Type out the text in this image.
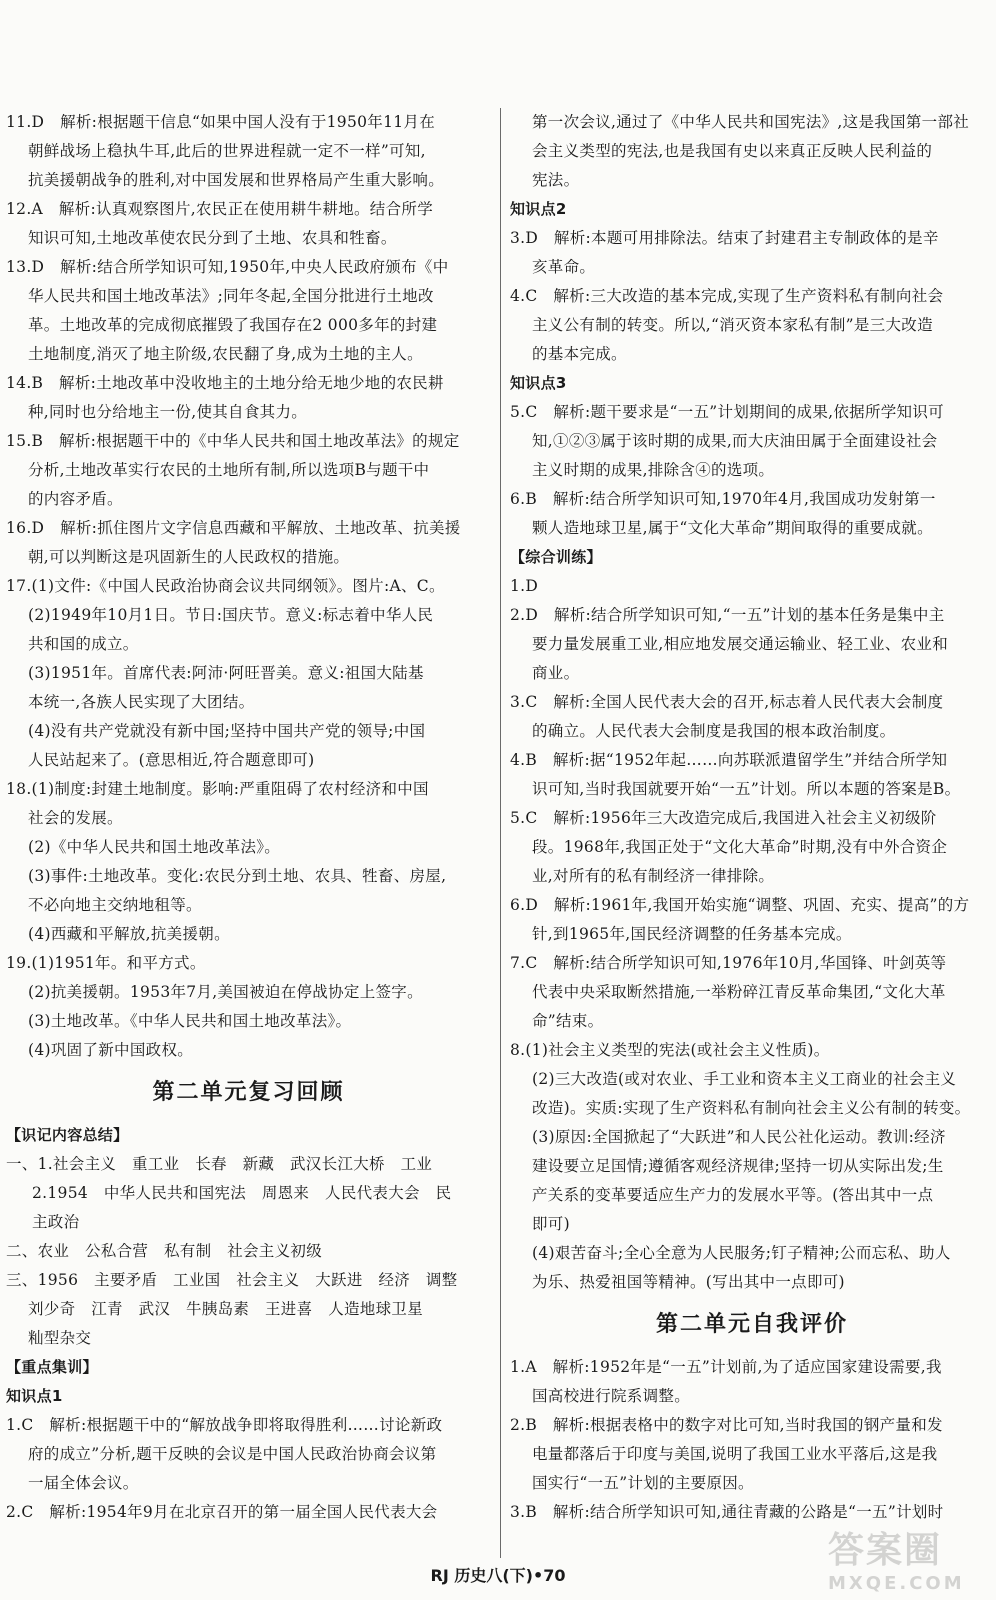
11.D　解析:根据题干信息“如果中国人没有于1950年11月在
朝鲜战场上稳执牛耳,此后的世界进程就一定不一样”可知,
抗美援朝战争的胜利,对中国发展和世界格局产生重大影响。
12.A　解析:认真观察图片,农民正在使用耕牛耕地。结合所学
知识可知,土地改革使农民分到了土地、农具和牲畜。
13.D　解析:结合所学知识可知,1950年,中央人民政府颁布《中
华人民共和国土地改革法》;同年冬起,全国分批进行土地改
革。土地改革的完成彻底摧毁了我国存在2 000多年的封建
土地制度,消灭了地主阶级,农民翻了身,成为土地的主人。
14.B　解析:土地改革中没收地主的土地分给无地少地的农民耕
种,同时也分给地主一份,使其自食其力。
15.B　解析:根据题干中的《中华人民共和国土地改革法》的规定
分析,土地改革实行农民的土地所有制,所以选项B与题干中
的内容矛盾。
16.D　解析:抓住图片文字信息西藏和平解放、土地改革、抗美援
朝,可以判断这是巩固新生的人民政权的措施。
17.(1)文件:《中国人民政治协商会议共同纲领》。图片:A、C。
(2)1949年10月1日。节日:国庆节。意义:标志着中华人民
共和国的成立。
(3)1951年。首席代表:阿沛·阿旺晋美。意义:祖国大陆基
本统一,各族人民实现了大团结。
(4)没有共产党就没有新中国;坚持中国共产党的领导;中国
人民站起来了。(意思相近,符合题意即可)
18.(1)制度:封建土地制度。影响:严重阻碍了农村经济和中国
社会的发展。
(2)《中华人民共和国土地改革法》。
(3)事件:土地改革。变化:农民分到土地、农具、牲畜、房屋,
不必向地主交纳地租等。
(4)西藏和平解放,抗美援朝。
19.(1)1951年。和平方式。
(2)抗美援朝。1953年7月,美国被迫在停战协定上签字。
(3)土地改革。《中华人民共和国土地改革法》。
(4)巩固了新中国政权。
第二单元复习回顾
【识记内容总结】
一、1.社会主义　重工业　长春　新藏　武汉长江大桥　工业
2.1954　中华人民共和国宪法　周恩来　人民代表大会　民
主政治
二、农业　公私合营　私有制　社会主义初级
三、1956　主要矛盾　工业国　社会主义　大跃进　经济　调整
刘少奇　江青　武汉　牛胰岛素　王进喜　人造地球卫星
籼型杂交
【重点集训】
知识点1
1.C　解析:根据题干中的“解放战争即将取得胜利……讨论新政
府的成立”分析,题干反映的会议是中国人民政治协商会议第
一届全体会议。
2.C　解析:1954年9月在北京召开的第一届全国人民代表大会
第一次会议,通过了《中华人民共和国宪法》,这是我国第一部社
会主义类型的宪法,也是我国有史以来真正反映人民利益的
宪法。
知识点2
3.D　解析:本题可用排除法。结束了封建君主专制政体的是辛
亥革命。
4.C　解析:三大改造的基本完成,实现了生产资料私有制向社会
主义公有制的转变。所以,“消灭资本家私有制”是三大改造
的基本完成。
知识点3
5.C　解析:题干要求是“一五”计划期间的成果,依据所学知识可
知,①②③属于该时期的成果,而大庆油田属于全面建设社会
主义时期的成果,排除含④的选项。
6.B　解析:结合所学知识可知,1970年4月,我国成功发射第一
颗人造地球卫星,属于“文化大革命”期间取得的重要成就。
【综合训练】
1.D
2.D　解析:结合所学知识可知,“一五”计划的基本任务是集中主
要力量发展重工业,相应地发展交通运输业、轻工业、农业和
商业。
3.C　解析:全国人民代表大会的召开,标志着人民代表大会制度
的确立。人民代表大会制度是我国的根本政治制度。
4.B　解析:据“1952年起……向苏联派遣留学生”并结合所学知
识可知,当时我国就要开始“一五”计划。所以本题的答案是B。
5.C　解析:1956年三大改造完成后,我国进入社会主义初级阶
段。1968年,我国正处于“文化大革命”时期,没有中外合资企
业,对所有的私有制经济一律排除。
6.D　解析:1961年,我国开始实施“调整、巩固、充实、提高”的方
针,到1965年,国民经济调整的任务基本完成。
7.C　解析:结合所学知识可知,1976年10月,华国锋、叶剑英等
代表中央采取断然措施,一举粉碎江青反革命集团,“文化大革
命”结束。
8.(1)社会主义类型的宪法(或社会主义性质)。
(2)三大改造(或对农业、手工业和资本主义工商业的社会主义
改造)。实质:实现了生产资料私有制向社会主义公有制的转变。
(3)原因:全国掀起了“大跃进”和人民公社化运动。教训:经济
建设要立足国情;遵循客观经济规律;坚持一切从实际出发;生
产关系的变革要适应生产力的发展水平等。(答出其中一点
即可)
(4)艰苦奋斗;全心全意为人民服务;钉子精神;公而忘私、助人
为乐、热爱祖国等精神。(写出其中一点即可)
第二单元自我评价
1.A　解析:1952年是“一五”计划前,为了适应国家建设需要,我
国高校进行院系调整。
2.B　解析:根据表格中的数字对比可知,当时我国的钢产量和发
电量都落后于印度与美国,说明了我国工业水平落后,这是我
国实行“一五”计划的主要原因。
3.B　解析:结合所学知识可知,通往青藏的公路是“一五”计划时
RJ 历史八(下)•70
答案圈
MXQE.COM
